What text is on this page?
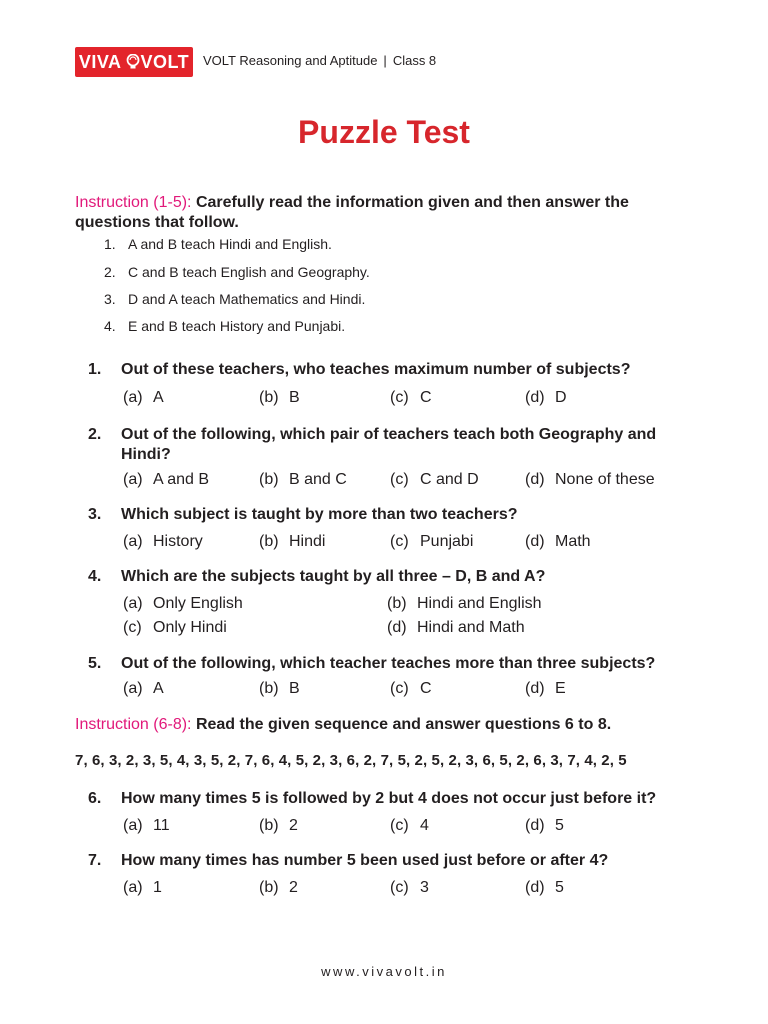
VIVA VOLT VOLT Reasoning and Aptitude | Class 8
Puzzle Test
Instruction (1-5): Carefully read the information given and then answer the questions that follow.
1. A and B teach Hindi and English.
2. C and B teach English and Geography.
3. D and A teach Mathematics and Hindi.
4. E and B teach History and Punjabi.
1. Out of these teachers, who teaches maximum number of subjects?
(a) A	(b) B	(c) C	(d) D
2. Out of the following, which pair of teachers teach both Geography and Hindi?
(a) A and B	(b) B and C	(c) C and D	(d) None of these
3. Which subject is taught by more than two teachers?
(a) History	(b) Hindi	(c) Punjabi	(d) Math
4. Which are the subjects taught by all three – D, B and A?
(a) Only English	(b) Hindi and English
(c) Only Hindi	(d) Hindi and Math
5. Out of the following, which teacher teaches more than three subjects?
(a) A	(b) B	(c) C	(d) E
Instruction (6-8): Read the given sequence and answer questions 6 to 8.
7, 6, 3, 2, 3, 5, 4, 3, 5, 2, 7, 6, 4, 5, 2, 3, 6, 2, 7, 5, 2, 5, 2, 3, 6, 5, 2, 6, 3, 7, 4, 2, 5
6. How many times 5 is followed by 2 but 4 does not occur just before it?
(a) 11	(b) 2	(c) 4	(d) 5
7. How many times has number 5 been used just before or after 4?
(a) 1	(b) 2	(c) 3	(d) 5
www.vivavolt.in
